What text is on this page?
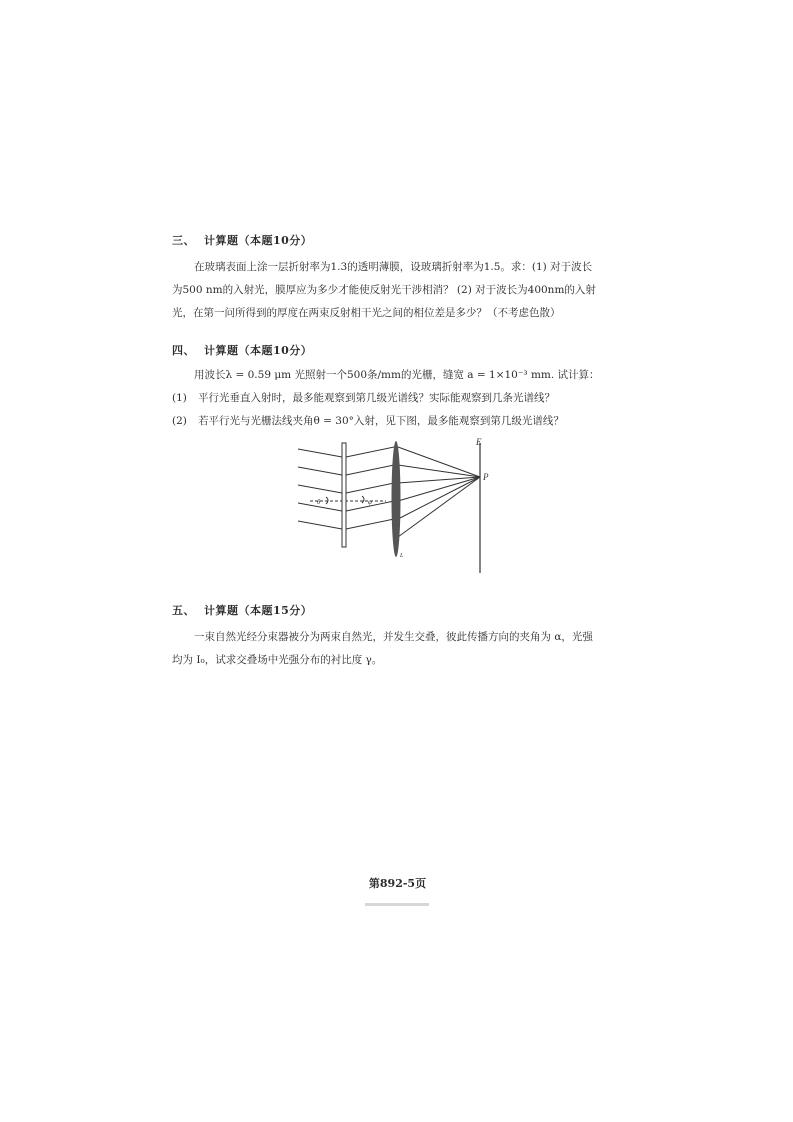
三、 计算题（本题10分）

在玻璃表面上涂一层折射率为1.3的透明薄膜，设玻璃折射率为1.5。求：(1) 对于波长

为500 nm的入射光，膜厚应为多少才能使反射光干涉相消？ (2) 对于波长为400nm的入射

光，在第一问所得到的厚度在两束反射相干光之间的相位差是多少？（不考虑色散）

四、 计算题（本题10分）

用波长λ = 0.59 μm 光照射一个500条/mm的光栅，缝宽 a = 1×10⁻³ mm. 试计算：

(1) 平行光垂直入射时，最多能观察到第几级光谱线？实际能观察到几条光谱线？
(2) 若平行光与光栅法线夹角θ = 30°入射，见下图，最多能观察到第几级光谱线？
E
P
θ	φ
L
五、 计算题（本题15分）

一束自然光经分束器被分为两束自然光，并发生交叠，彼此传播方向的夹角为 α，光强

均为 I₀，试求交叠场中光强分布的衬比度 γ。

第892-5页
